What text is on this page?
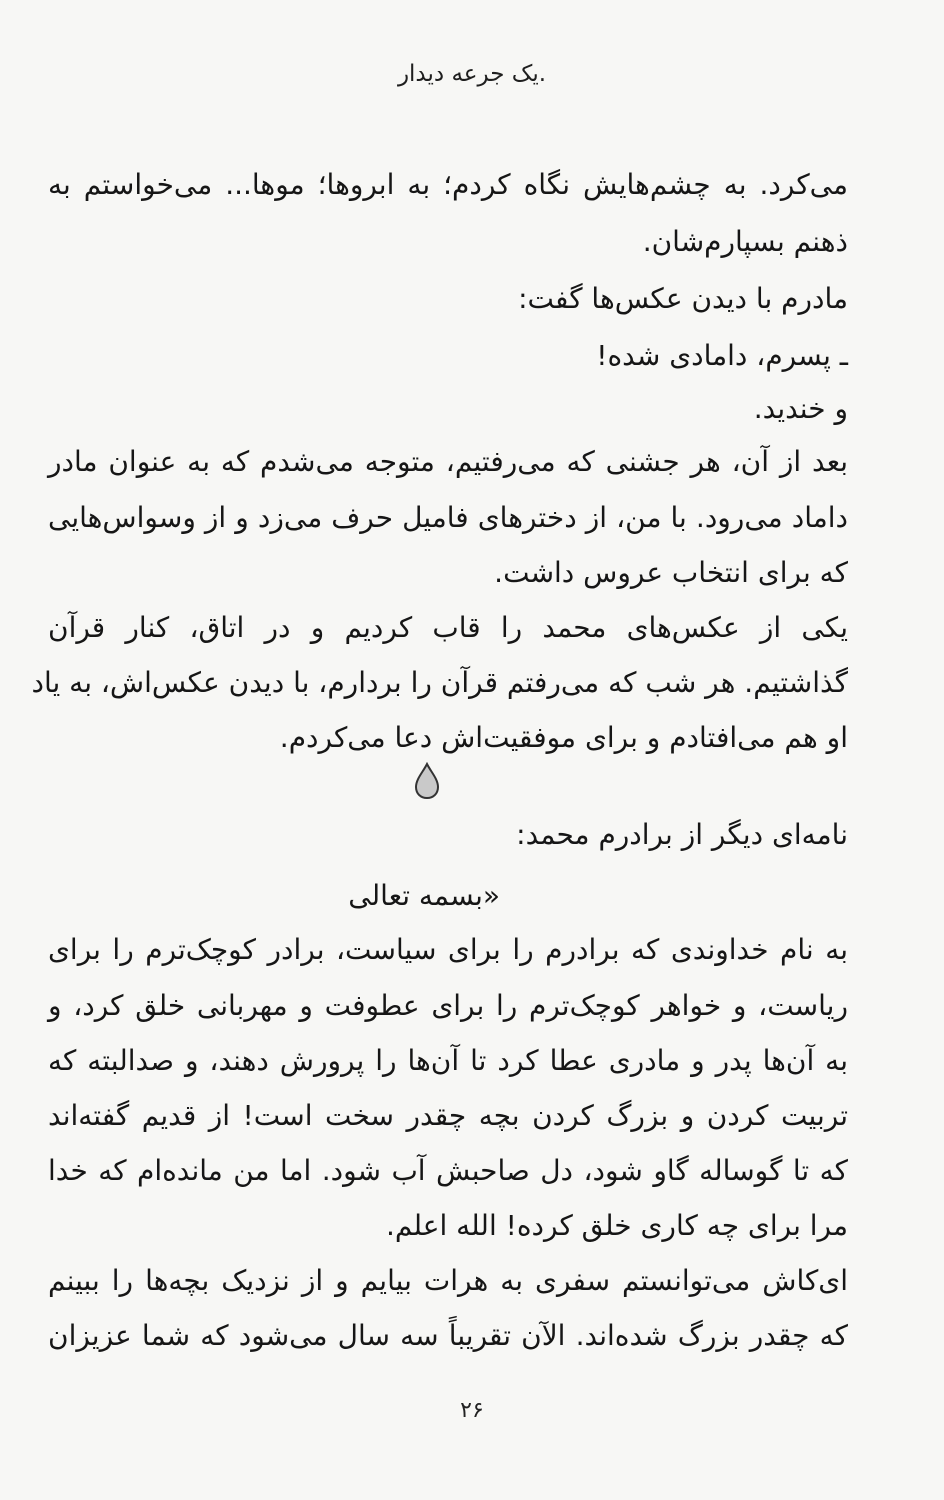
.یک جرعه دیدار
می‌کرد. به چشم‌هایش نگاه کردم؛ به ابروها؛ موها... می‌خواستم به
ذهنم بسپارم‌شان.
مادرم با دیدن عکس‌ها گفت:
ـ پسرم، دامادی شده!
و خندید.
بعد از آن، هر جشنی که می‌رفتیم، متوجه می‌شدم که به عنوان مادر
داماد می‌رود. با من، از دخترهای فامیل حرف می‌زد و از وسواس‌هایی
که برای انتخاب عروس داشت.
یکی از عکس‌های محمد را قاب کردیم و در اتاق، کنار قرآن
گذاشتیم. هر شب که می‌رفتم قرآن را بردارم، با دیدن عکس‌اش، به یاد
او هم می‌افتادم و برای موفقیت‌اش دعا می‌کردم.
نامه‌ای دیگر از برادرم محمد:
«بسمه تعالی
به نام خداوندی که برادرم را برای سیاست، برادر کوچک‌ترم را برای
ریاست، و خواهر کوچک‌ترم را برای عطوفت و مهربانی خلق کرد، و
به آن‌ها پدر و مادری عطا کرد تا آن‌ها را پرورش دهند، و صدالبته که
تربیت کردن و بزرگ کردن بچه چقدر سخت است! از قدیم گفته‌اند
که تا گوساله گاو شود، دل صاحبش آب شود. اما من مانده‌ام که خدا
مرا برای چه کاری خلق کرده! الله اعلم.
ای‌کاش می‌توانستم سفری به هرات بیایم و از نزدیک بچه‌ها را ببینم
که چقدر بزرگ شده‌اند. الآن تقریباً سه سال می‌شود که شما عزیزان
۲۶
